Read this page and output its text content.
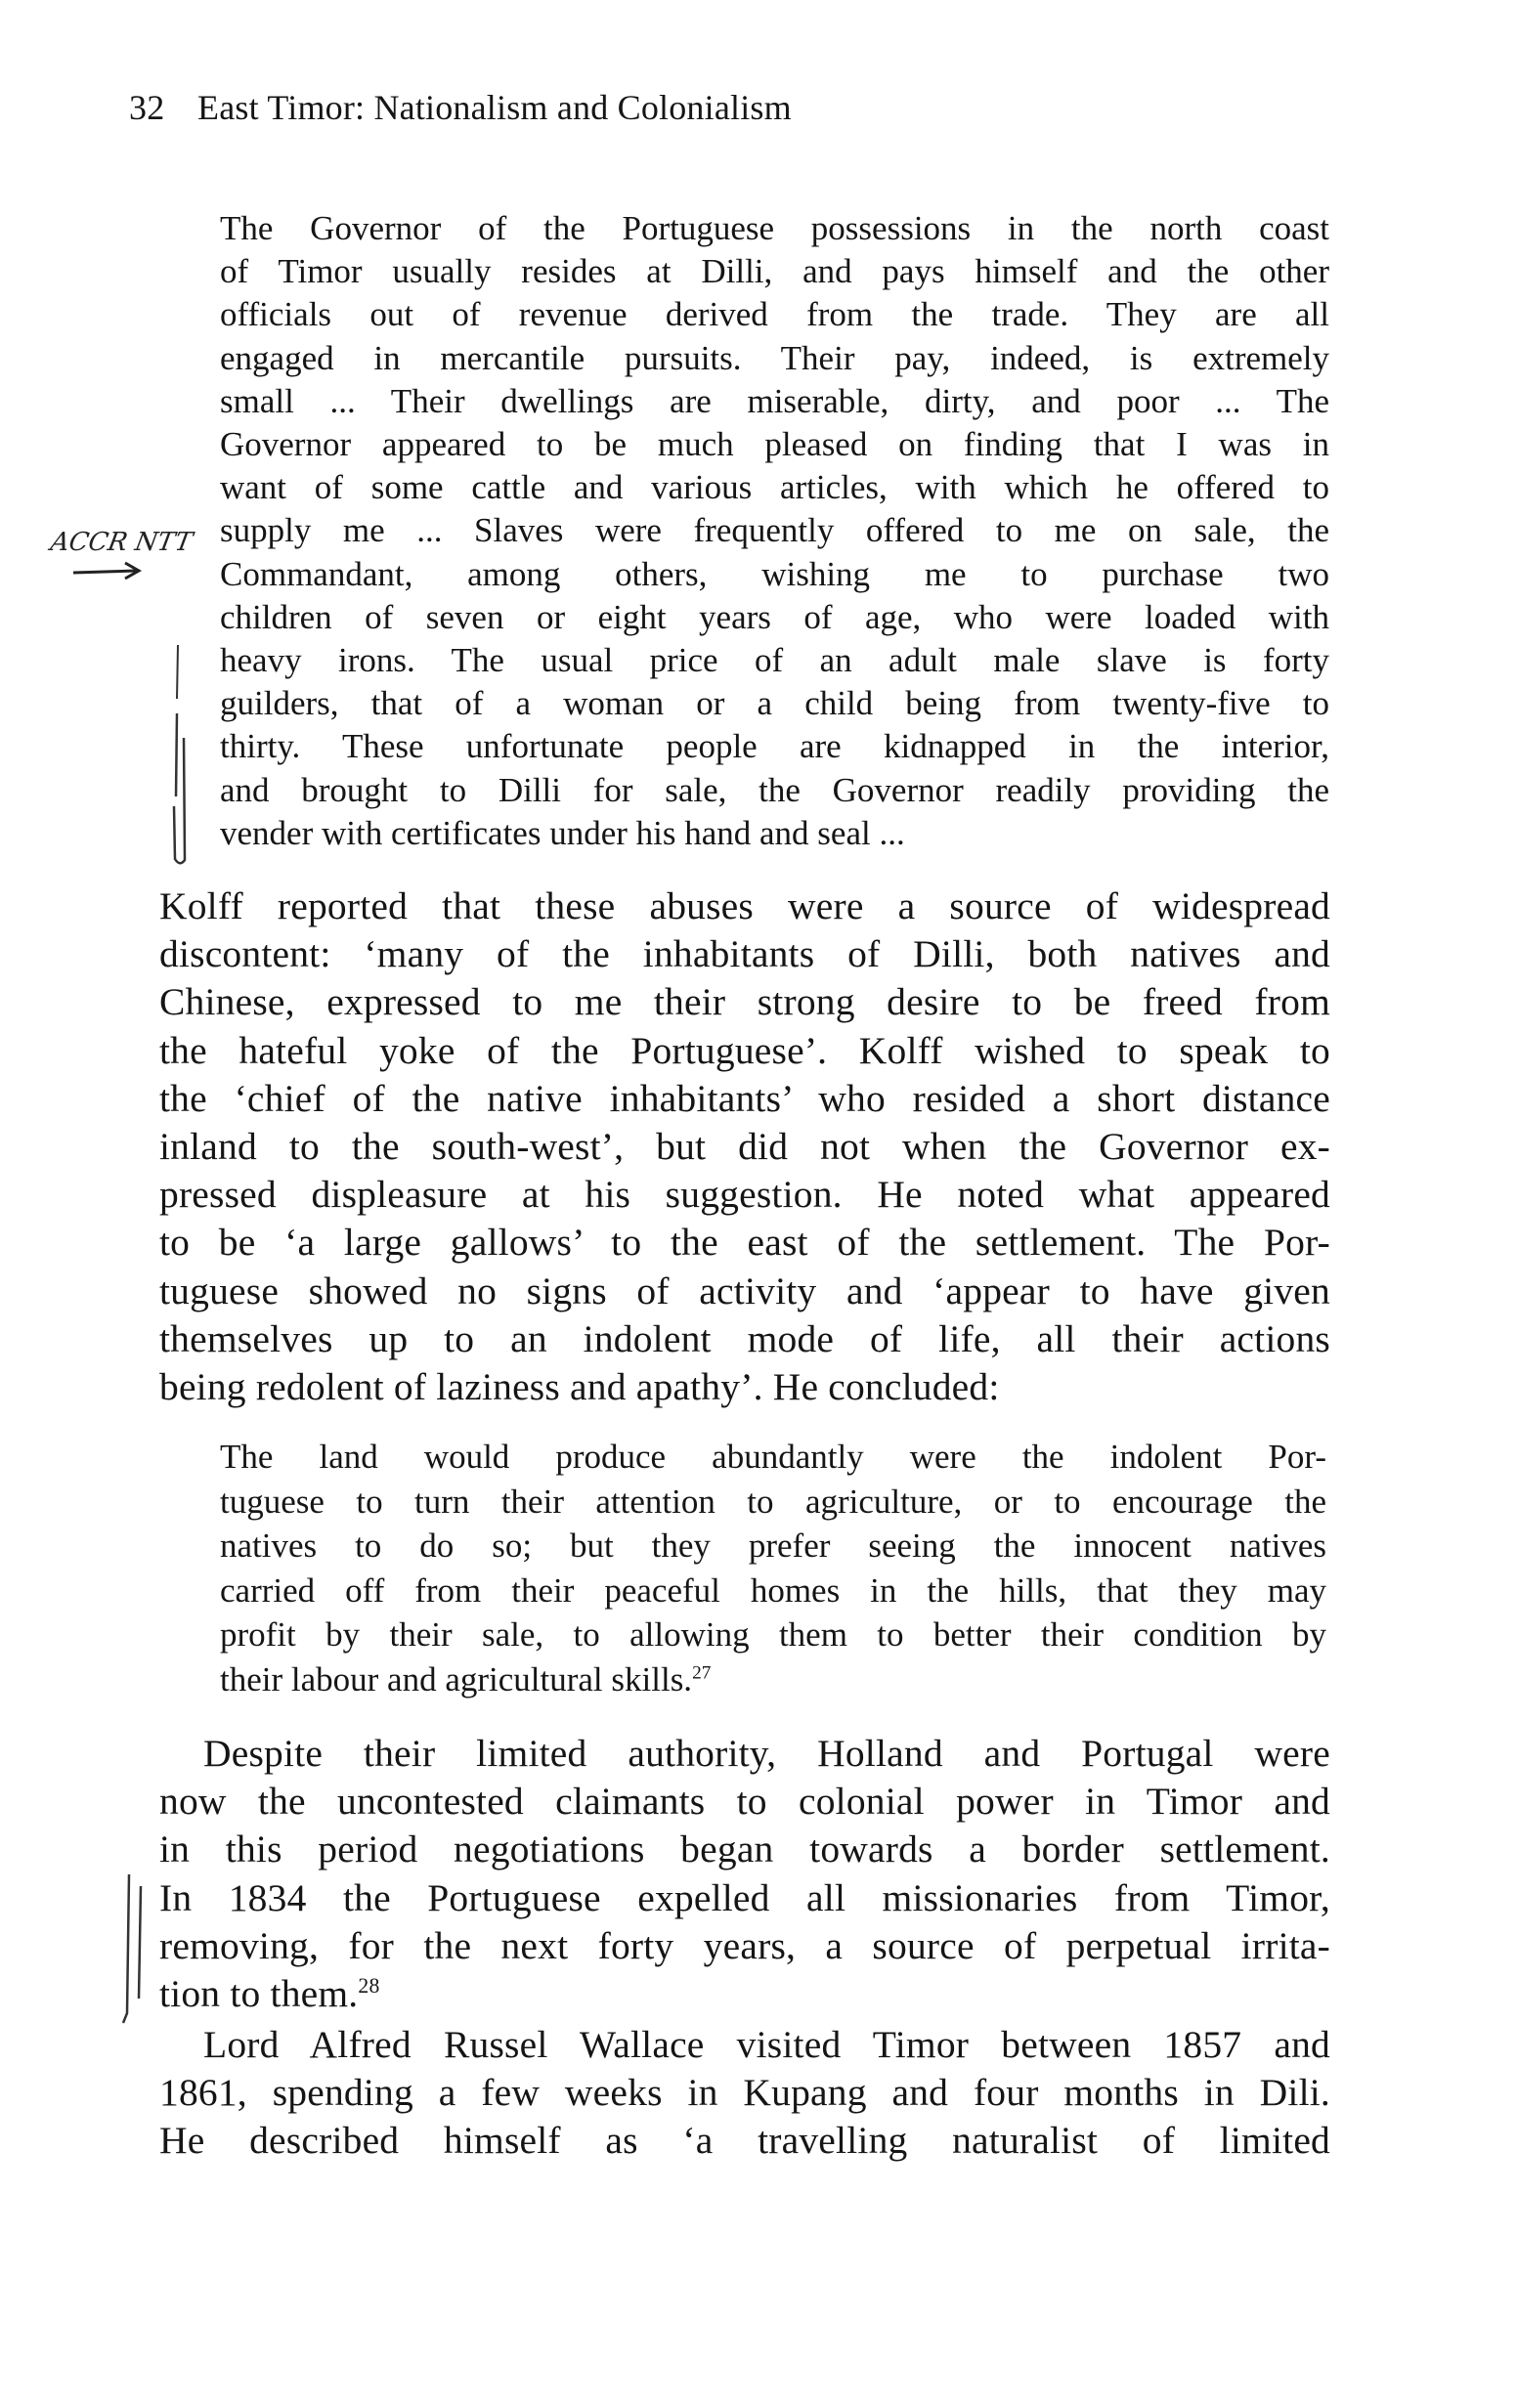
32 East Timor: Nationalism and Colonialism
ACCR NTT
The Governor of the Portuguese possessions in the north coast
of Timor usually resides at Dilli, and pays himself and the other
officials out of revenue derived from the trade. They are all
engaged in mercantile pursuits. Their pay, indeed, is extremely
small ... Their dwellings are miserable, dirty, and poor ... The
Governor appeared to be much pleased on finding that I was in
want of some cattle and various articles, with which he offered to
supply me ... Slaves were frequently offered to me on sale, the
Commandant, among others, wishing me to purchase two
children of seven or eight years of age, who were loaded with
heavy irons. The usual price of an adult male slave is forty
guilders, that of a woman or a child being from twenty-five to
thirty. These unfortunate people are kidnapped in the interior,
and brought to Dilli for sale, the Governor readily providing the
vender with certificates under his hand and seal ...
Kolff reported that these abuses were a source of widespread
discontent: ‘many of the inhabitants of Dilli, both natives and
Chinese, expressed to me their strong desire to be freed from
the hateful yoke of the Portuguese’. Kolff wished to speak to
the ‘chief of the native inhabitants’ who resided a short distance
inland to the south-west’, but did not when the Governor ex-
pressed displeasure at his suggestion. He noted what appeared
to be ‘a large gallows’ to the east of the settlement. The Por-
tuguese showed no signs of activity and ‘appear to have given
themselves up to an indolent mode of life, all their actions
being redolent of laziness and apathy’. He concluded:
The land would produce abundantly were the indolent Por-
tuguese to turn their attention to agriculture, or to encourage the
natives to do so; but they prefer seeing the innocent natives
carried off from their peaceful homes in the hills, that they may
profit by their sale, to allowing them to better their condition by
their labour and agricultural skills.$^{27}$
Despite their limited authority, Holland and Portugal were
now the uncontested claimants to colonial power in Timor and
in this period negotiations began towards a border settlement.
In 1834 the Portuguese expelled all missionaries from Timor,
removing, for the next forty years, a source of perpetual irrita-
tion to them.$^{28}$
Lord Alfred Russel Wallace visited Timor between 1857 and
1861, spending a few weeks in Kupang and four months in Dili.
He described himself as ‘a travelling naturalist of limited
